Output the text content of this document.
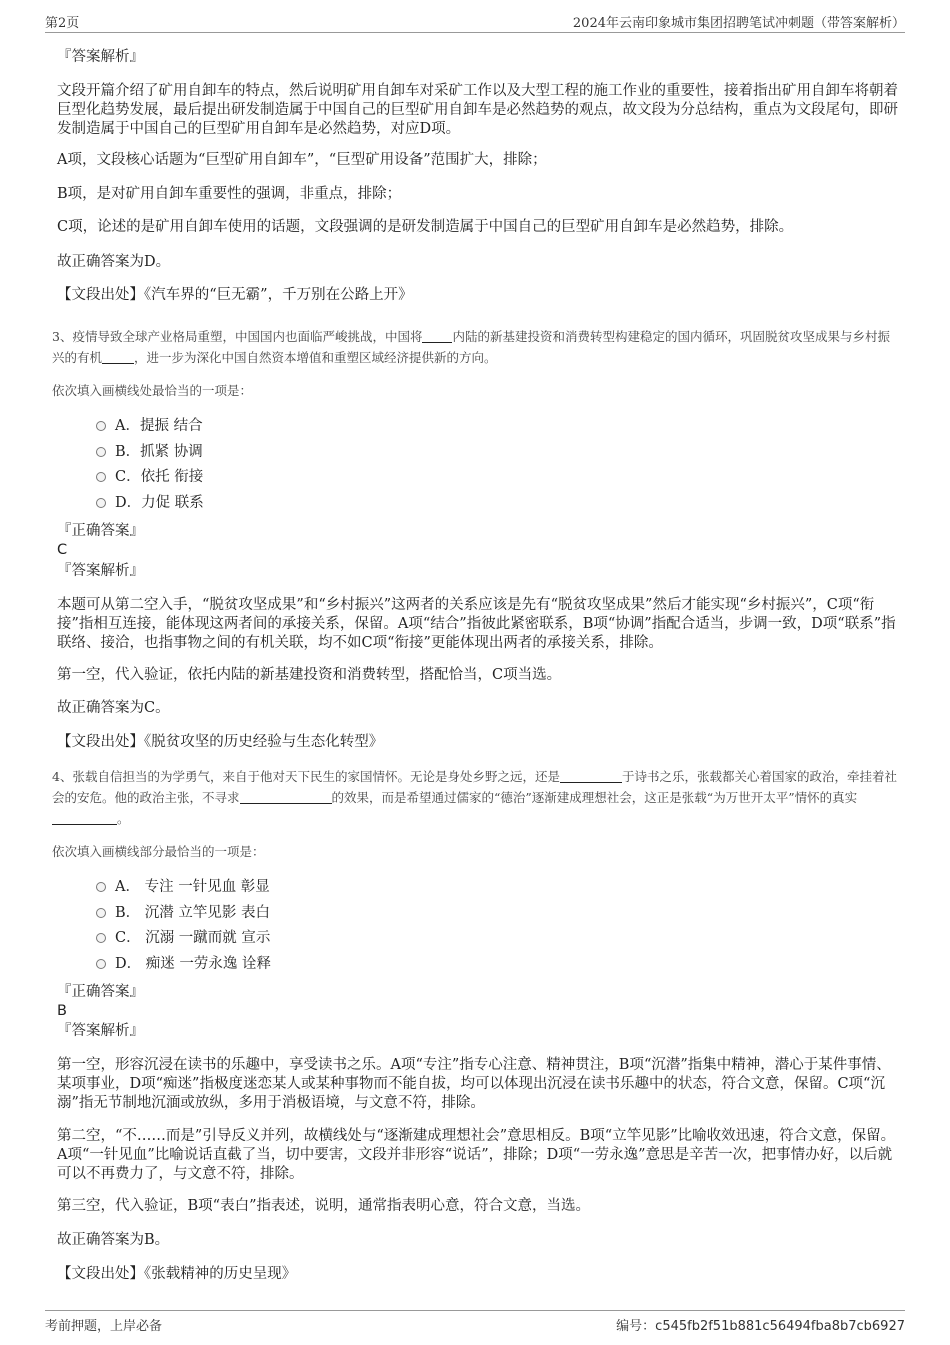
第2页	2024年云南印象城市集团招聘笔试冲刺题（带答案解析）
『答案解析』
文段开篇介绍了矿用自卸车的特点，然后说明矿用自卸车对采矿工作以及大型工程的施工作业的重要性，接着指出矿用自卸车将朝着巨型化趋势发展，最后提出研发制造属于中国自己的巨型矿用自卸车是必然趋势的观点，故文段为分总结构，重点为文段尾句，即研发制造属于中国自己的巨型矿用自卸车是必然趋势，对应D项。
A项，文段核心话题为“巨型矿用自卸车”，“巨型矿用设备”范围扩大，排除；
B项，是对矿用自卸车重要性的强调，非重点，排除；
C项，论述的是矿用自卸车使用的话题，文段强调的是研发制造属于中国自己的巨型矿用自卸车是必然趋势，排除。
故正确答案为D。
【文段出处】《汽车界的“巨无霸”，千万别在公路上开》
3、疫情导致全球产业格局重塑，中国国内也面临严峻挑战，中国将 内陆的新基建投资和消费转型构建稳定的国内循环，巩固脱贫攻坚成果与乡村振兴的有机	，进一步为深化中国自然资本增值和重塑区域经济提供新的方向。
依次填入画横线处最恰当的一项是：
A．提振 结合
B．抓紧 协调
C．依托 衔接
D．力促 联系
『正确答案』
C
『答案解析』
本题可从第二空入手，“脱贫攻坚成果”和“乡村振兴”这两者的关系应该是先有“脱贫攻坚成果”然后才能实现“乡村振兴”，C项“衔接”指相互连接，能体现这两者间的承接关系，保留。A项“结合”指彼此紧密联系，B项“协调”指配合适当，步调一致，D项“联系”指联络、接洽，也指事物之间的有机关联，均不如C项“衔接”更能体现出两者的承接关系，排除。
第一空，代入验证，依托内陆的新基建投资和消费转型，搭配恰当，C项当选。
故正确答案为C。
【文段出处】《脱贫攻坚的历史经验与生态化转型》
4、张载自信担当的为学勇气，来自于他对天下民生的家国情怀。无论是身处乡野之远，还是	于诗书之乐，张载都关心着国家的政治，牵挂着社会的安危。他的政治主张，不寻求	的效果，而是希望通过儒家的“德治”逐渐建成理想社会，这正是张载“为万世开太平”情怀的真实。
依次填入画横线部分最恰当的一项是：
A． 专注 一针见血 彰显
B． 沉潜 立竿见影 表白
C． 沉溺 一蹴而就 宣示
D． 痴迷 一劳永逸 诠释
『正确答案』
B
『答案解析』
第一空，形容沉浸在读书的乐趣中，享受读书之乐。A项“专注”指专心注意、精神贯注，B项“沉潜”指集中精神，潜心于某件事情、某项事业，D项“痴迷”指极度迷恋某人或某种事物而不能自拔，均可以体现出沉浸在读书乐趣中的状态，符合文意，保留。C项“沉溺”指无节制地沉湎或放纵，多用于消极语境，与文意不符，排除。
第二空，“不……而是”引导反义并列，故横线处与“逐渐建成理想社会”意思相反。B项“立竿见影”比喻收效迅速，符合文意，保留。A项“一针见血”比喻说话直截了当，切中要害，文段并非形容“说话”，排除；D项“一劳永逸”意思是辛苦一次，把事情办好，以后就可以不再费力了，与文意不符，排除。
第三空，代入验证，B项“表白”指表述，说明，通常指表明心意，符合文意，当选。
故正确答案为B。
【文段出处】《张载精神的历史呈现》
考前押题，上岸必备	编号：c545fb2f51b881c56494fba8b7cb6927
